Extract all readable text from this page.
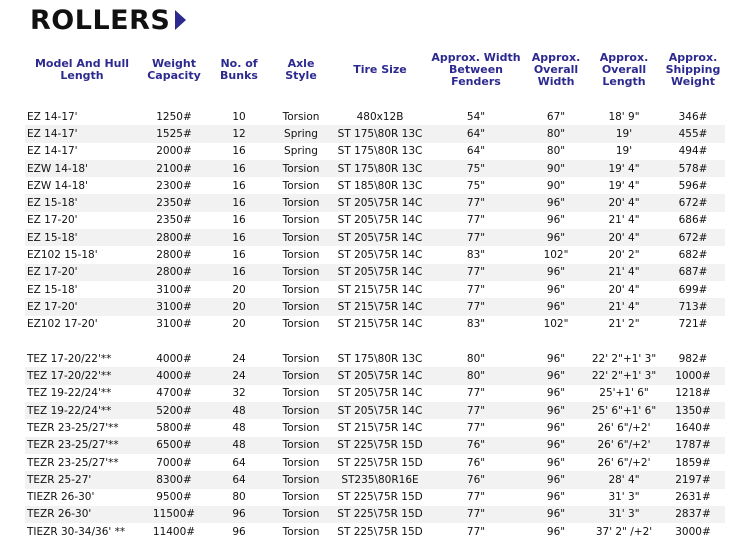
ROLLERS
Model And Hull Length	Weight Capacity	No. of Bunks	Axle Style	Tire Size	Approx. Width Between Fenders	Approx. Overall Width	Approx. Overall Length	Approx. Shipping Weight

EZ 14-17'	1250#	10	Torsion	480x12B	54"	67"	18' 9"	346#
EZ 14-17'	1525#	12	Spring	ST 175\80R 13C	64"	80"	19'	455#
EZ 14-17'	2000#	16	Spring	ST 175\80R 13C	64"	80"	19'	494#
EZW 14-18'	2100#	16	Torsion	ST 175\80R 13C	75"	90"	19' 4"	578#
EZW 14-18'	2300#	16	Torsion	ST 185\80R 13C	75"	90"	19' 4"	596#
EZ 15-18'	2350#	16	Torsion	ST 205\75R 14C	77"	96"	20' 4"	672#
EZ 17-20'	2350#	16	Torsion	ST 205\75R 14C	77"	96"	21' 4"	686#
EZ 15-18'	2800#	16	Torsion	ST 205\75R 14C	77"	96"	20' 4"	672#
EZ102 15-18'	2800#	16	Torsion	ST 205\75R 14C	83"	102"	20' 2"	682#
EZ 17-20'	2800#	16	Torsion	ST 205\75R 14C	77"	96"	21' 4"	687#
EZ 15-18'	3100#	20	Torsion	ST 215\75R 14C	77"	96"	20' 4"	699#
EZ 17-20'	3100#	20	Torsion	ST 215\75R 14C	77"	96"	21' 4"	713#
EZ102 17-20'	3100#	20	Torsion	ST 215\75R 14C	83"	102"	21' 2"	721#

TEZ 17-20/22'**	4000#	24	Torsion	ST 175\80R 13C	80"	96"	22' 2"+1' 3"	982#
TEZ 17-20/22'**	4000#	24	Torsion	ST 205\75R 14C	80"	96"	22' 2"+1' 3"	1000#
TEZ 19-22/24'**	4700#	32	Torsion	ST 205\75R 14C	77"	96"	25'+1' 6"	1218#
TEZ 19-22/24'**	5200#	48	Torsion	ST 205\75R 14C	77"	96"	25' 6"+1' 6"	1350#
TEZR 23-25/27'**	5800#	48	Torsion	ST 215\75R 14C	77"	96"	26' 6"/+2'	1640#
TEZR 23-25/27'**	6500#	48	Torsion	ST 225\75R 15D	76"	96"	26' 6"/+2'	1787#
TEZR 23-25/27'**	7000#	64	Torsion	ST 225\75R 15D	76"	96"	26' 6"/+2'	1859#
TEZR 25-27'	8300#	64	Torsion	ST235\80R16E	76"	96"	28' 4"	2197#
TIEZR 26-30'	9500#	80	Torsion	ST 225\75R 15D	77"	96"	31' 3"	2631#
TEZR 26-30'	11500#	96	Torsion	ST 225\75R 15D	77"	96"	31' 3"	2837#
TIEZR 30-34/36' **	11400#	96	Torsion	ST 225\75R 15D	77"	96"	37' 2" /+2'	3000#
